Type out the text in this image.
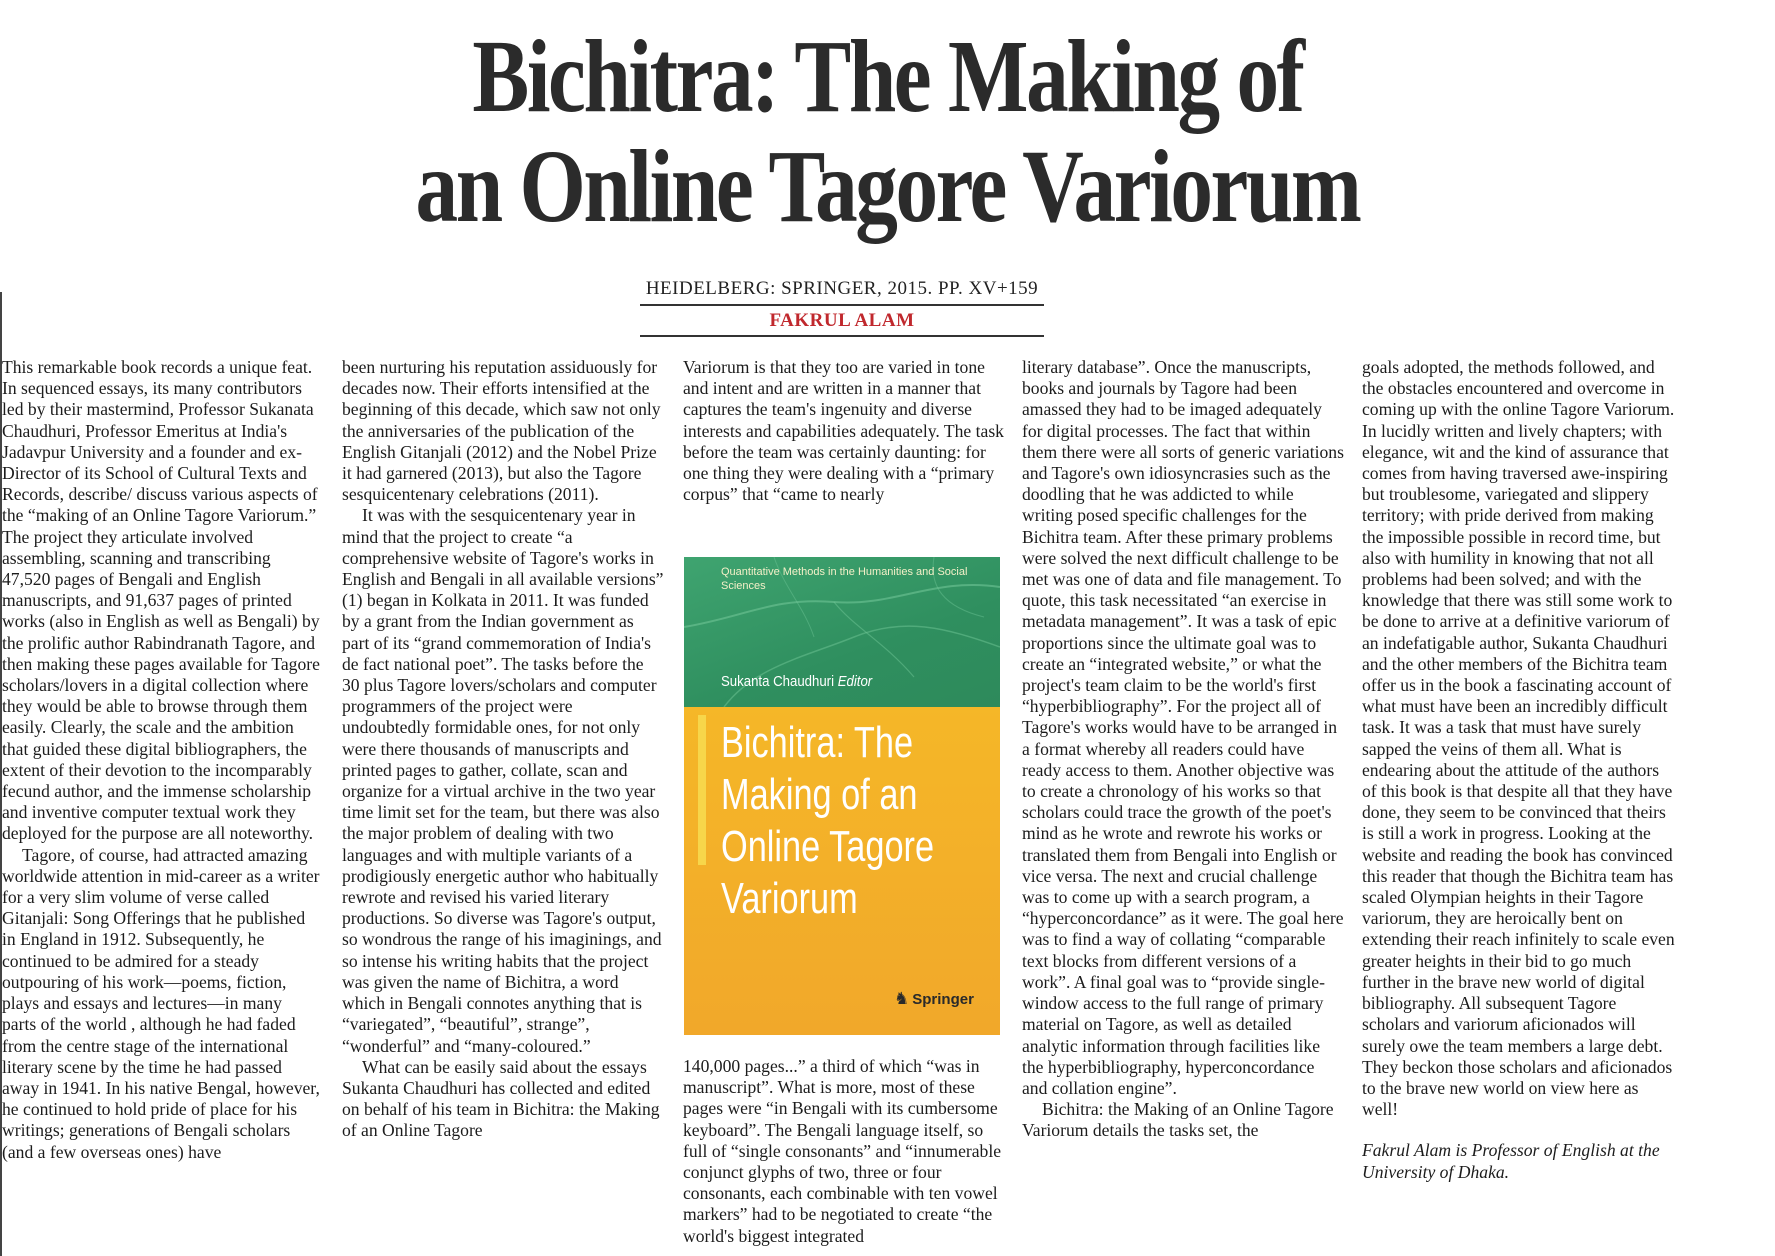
Bichitra: The Making of
an Online Tagore Variorum
HEIDELBERG: SPRINGER, 2015. PP. XV+159
FAKRUL ALAM

This remarkable book records a unique feat. In sequenced essays, its many contributors led by their mastermind, Professor Sukanata Chaudhuri, Professor Emeritus at India's Jadavpur University and a founder and ex-Director of its School of Cultural Texts and Records, describe/ discuss various aspects of the “making of an Online Tagore Variorum.” The project they articulate involved assembling, scanning and transcribing 47,520 pages of Bengali and English manuscripts, and 91,637 pages of printed works (also in English as well as Bengali) by the prolific author Rabindranath Tagore, and then making these pages available for Tagore scholars/lovers in a digital collection where they would be able to browse through them easily. Clearly, the scale and the ambition that guided these digital bibliographers, the extent of their devotion to the incomparably fecund author, and the immense scholarship and inventive computer textual work they deployed for the purpose are all noteworthy.

Tagore, of course, had attracted amazing worldwide attention in mid-career as a writer for a very slim volume of verse called Gitanjali: Song Offerings that he published in England in 1912. Subsequently, he continued to be admired for a steady outpouring of his work—poems, fiction, plays and essays and lectures—in many parts of the world , although he had faded from the centre stage of the international literary scene by the time he had passed away in 1941. In his native Bengal, however, he continued to hold pride of place for his writings; generations of Bengali scholars (and a few overseas ones) have

been nurturing his reputation assiduously for decades now. Their efforts intensified at the beginning of this decade, which saw not only the anniversaries of the publication of the English Gitanjali (2012) and the Nobel Prize it had garnered (2013), but also the Tagore sesquicentenary celebrations (2011).

It was with the sesquicentenary year in mind that the project to create “a comprehensive website of Tagore's works in English and Bengali in all available versions” (1) began in Kolkata in 2011. It was funded by a grant from the Indian government as part of its “grand commemoration of India's de fact national poet”. The tasks before the 30 plus Tagore lovers/scholars and computer programmers of the project were undoubtedly formidable ones, for not only were there thousands of manuscripts and printed pages to gather, collate, scan and organize for a virtual archive in the two year time limit set for the team, but there was also the major problem of dealing with two languages and with multiple variants of a prodigiously energetic author who habitually rewrote and revised his varied literary productions. So diverse was Tagore's output, so wondrous the range of his imaginings, and so intense his writing habits that the project was given the name of Bichitra, a word which in Bengali connotes anything that is “variegated”, “beautiful”, strange”, “wonderful” and “many-coloured.”

What can be easily said about the essays Sukanta Chaudhuri has collected and edited on behalf of his team in Bichitra: the Making of an Online Tagore

Variorum is that they too are varied in tone and intent and are written in a manner that captures the team's ingenuity and diverse interests and capabilities adequately. The task before the team was certainly daunting: for one thing they were dealing with a “primary corpus” that “came to nearly

Quantitative Methods in the Humanities and Social Sciences
Sukanta Chaudhuri Editor
Bichitra: The
Making of an
Online Tagore
Variorum
♞ Springer

140,000 pages...” a third of which “was in manuscript”. What is more, most of these pages were “in Bengali with its cumbersome keyboard”. The Bengali language itself, so full of “single consonants” and “innumerable conjunct glyphs of two, three or four consonants, each combinable with ten vowel markers” had to be negotiated to create “the world's biggest integrated

literary database”. Once the manuscripts, books and journals by Tagore had been amassed they had to be imaged adequately for digital processes. The fact that within them there were all sorts of generic variations and Tagore's own idiosyncrasies such as the doodling that he was addicted to while writing posed specific challenges for the Bichitra team. After these primary problems were solved the next difficult challenge to be met was one of data and file management. To quote, this task necessitated “an exercise in metadata management”. It was a task of epic proportions since the ultimate goal was to create an “integrated website,” or what the project's team claim to be the world's first “hyperbibliography”. For the project all of Tagore's works would have to be arranged in a format whereby all readers could have ready access to them. Another objective was to create a chronology of his works so that scholars could trace the growth of the poet's mind as he wrote and rewrote his works or translated them from Bengali into English or vice versa. The next and crucial challenge was to come up with a search program, a “hyperconcordance” as it were. The goal here was to find a way of collating “comparable text blocks from different versions of a work”. A final goal was to “provide single-window access to the full range of primary material on Tagore, as well as detailed analytic information through facilities like the hyperbibliography, hyperconcordance and collation engine”.

Bichitra: the Making of an Online Tagore Variorum details the tasks set, the

goals adopted, the methods followed, and the obstacles encountered and overcome in coming up with the online Tagore Variorum. In lucidly written and lively chapters; with elegance, wit and the kind of assurance that comes from having traversed awe-inspiring but troublesome, variegated and slippery territory; with pride derived from making the impossible possible in record time, but also with humility in knowing that not all problems had been solved; and with the knowledge that there was still some work to be done to arrive at a definitive variorum of an indefatigable author, Sukanta Chaudhuri and the other members of the Bichitra team offer us in the book a fascinating account of what must have been an incredibly difficult task. It was a task that must have surely sapped the veins of them all. What is endearing about the attitude of the authors of this book is that despite all that they have done, they seem to be convinced that theirs is still a work in progress. Looking at the website and reading the book has convinced this reader that though the Bichitra team has scaled Olympian heights in their Tagore variorum, they are heroically bent on extending their reach infinitely to scale even greater heights in their bid to go much further in the brave new world of digital bibliography. All subsequent Tagore scholars and variorum aficionados will surely owe the team members a large debt. They beckon those scholars and aficionados to the brave new world on view here as well!

Fakrul Alam is Professor of English at the University of Dhaka.
